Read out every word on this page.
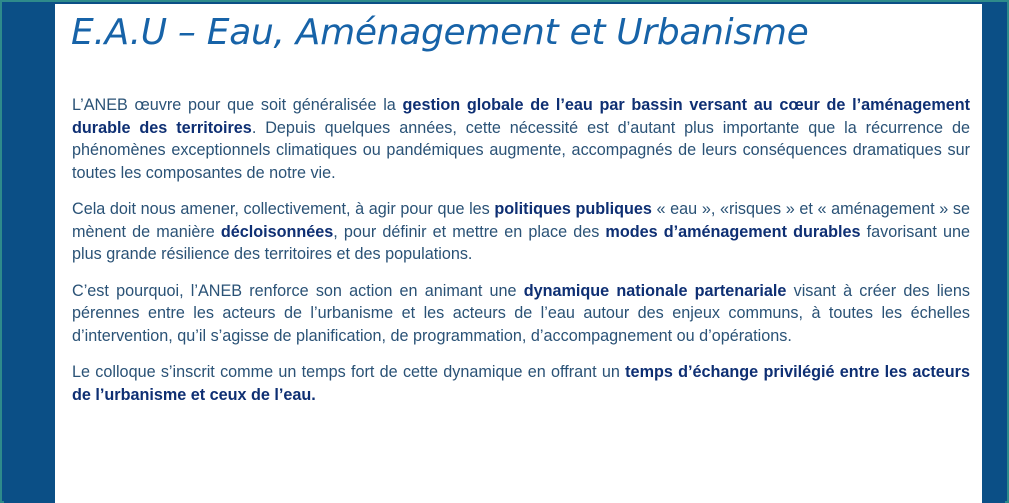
E.A.U – Eau, Aménagement et Urbanisme

L’ANEB œuvre pour que soit généralisée la gestion globale de l’eau par bassin versant au cœur de l’aménagement durable des territoires. Depuis quelques années, cette nécessité est d’autant plus importante que la récurrence de phénomènes exceptionnels climatiques ou pandémiques augmente, accompagnés de leurs conséquences dramatiques sur toutes les composantes de notre vie.

Cela doit nous amener, collectivement, à agir pour que les politiques publiques « eau », «risques » et « aménagement » se mènent de manière décloisonnées, pour définir et mettre en place des modes d’aménagement durables favorisant une plus grande résilience des territoires et des populations.

C’est pourquoi, l’ANEB renforce son action en animant une dynamique nationale partenariale visant à créer des liens pérennes entre les acteurs de l’urbanisme et les acteurs de l’eau autour des enjeux communs, à toutes les échelles d’intervention, qu’il s’agisse de planification, de programmation, d’accompagnement ou d’opérations.

Le colloque s’inscrit comme un temps fort de cette dynamique en offrant un temps d’échange privilégié entre les acteurs de l’urbanisme et ceux de l’eau.
